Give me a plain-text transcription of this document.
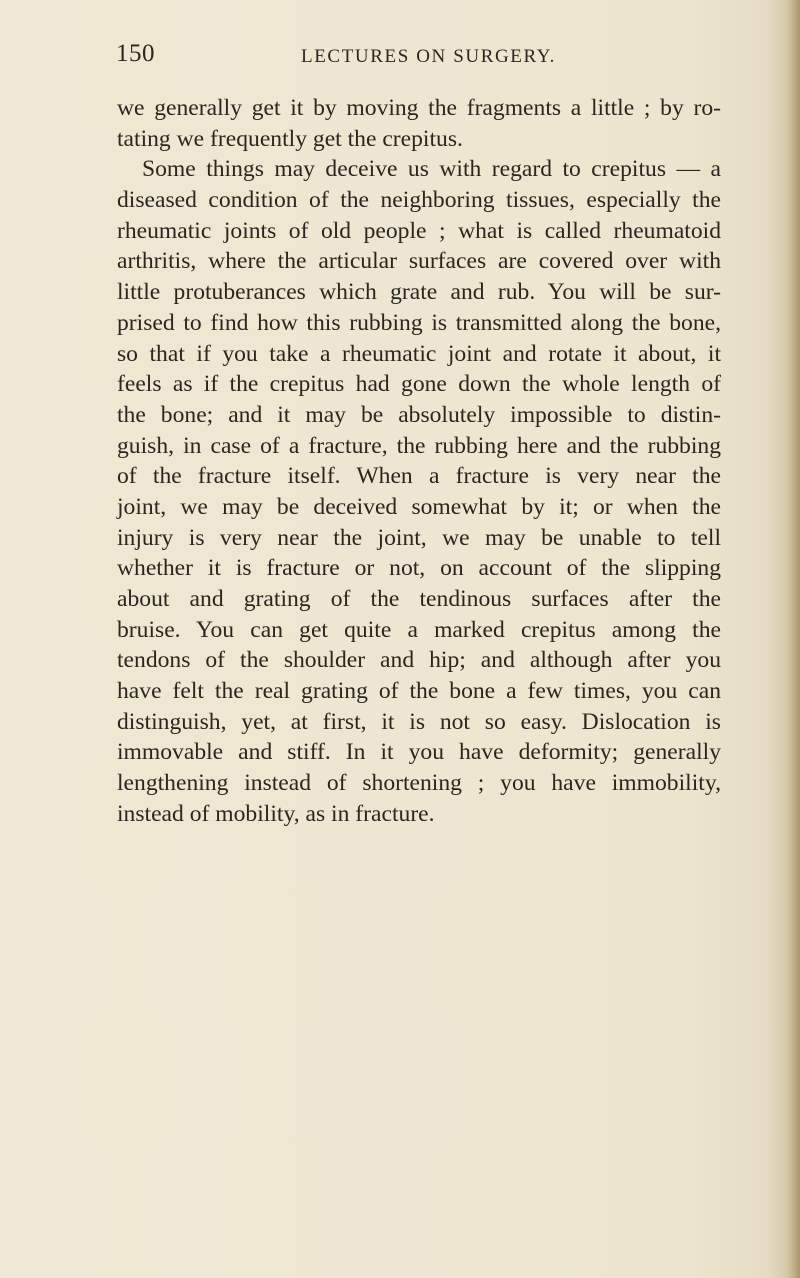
150	LECTURES ON SURGERY.
we generally get it by moving the fragments a little ; by ro-
tating we frequently get the crepitus.
Some things may deceive us with regard to crepitus — a
diseased condition of the neighboring tissues, especially the
rheumatic joints of old people ; what is called rheumatoid
arthritis, where the articular surfaces are covered over with
little protuberances which grate and rub. You will be sur-
prised to find how this rubbing is transmitted along the bone,
so that if you take a rheumatic joint and rotate it about, it
feels as if the crepitus had gone down the whole length of
the bone; and it may be absolutely impossible to distin-
guish, in case of a fracture, the rubbing here and the rubbing
of the fracture itself. When a fracture is very near the
joint, we may be deceived somewhat by it; or when the
injury is very near the joint, we may be unable to tell
whether it is fracture or not, on account of the slipping
about and grating of the tendinous surfaces after the
bruise. You can get quite a marked crepitus among the
tendons of the shoulder and hip; and although after you
have felt the real grating of the bone a few times, you can
distinguish, yet, at first, it is not so easy. Dislocation is
immovable and stiff. In it you have deformity; generally
lengthening instead of shortening ; you have immobility,
instead of mobility, as in fracture.
